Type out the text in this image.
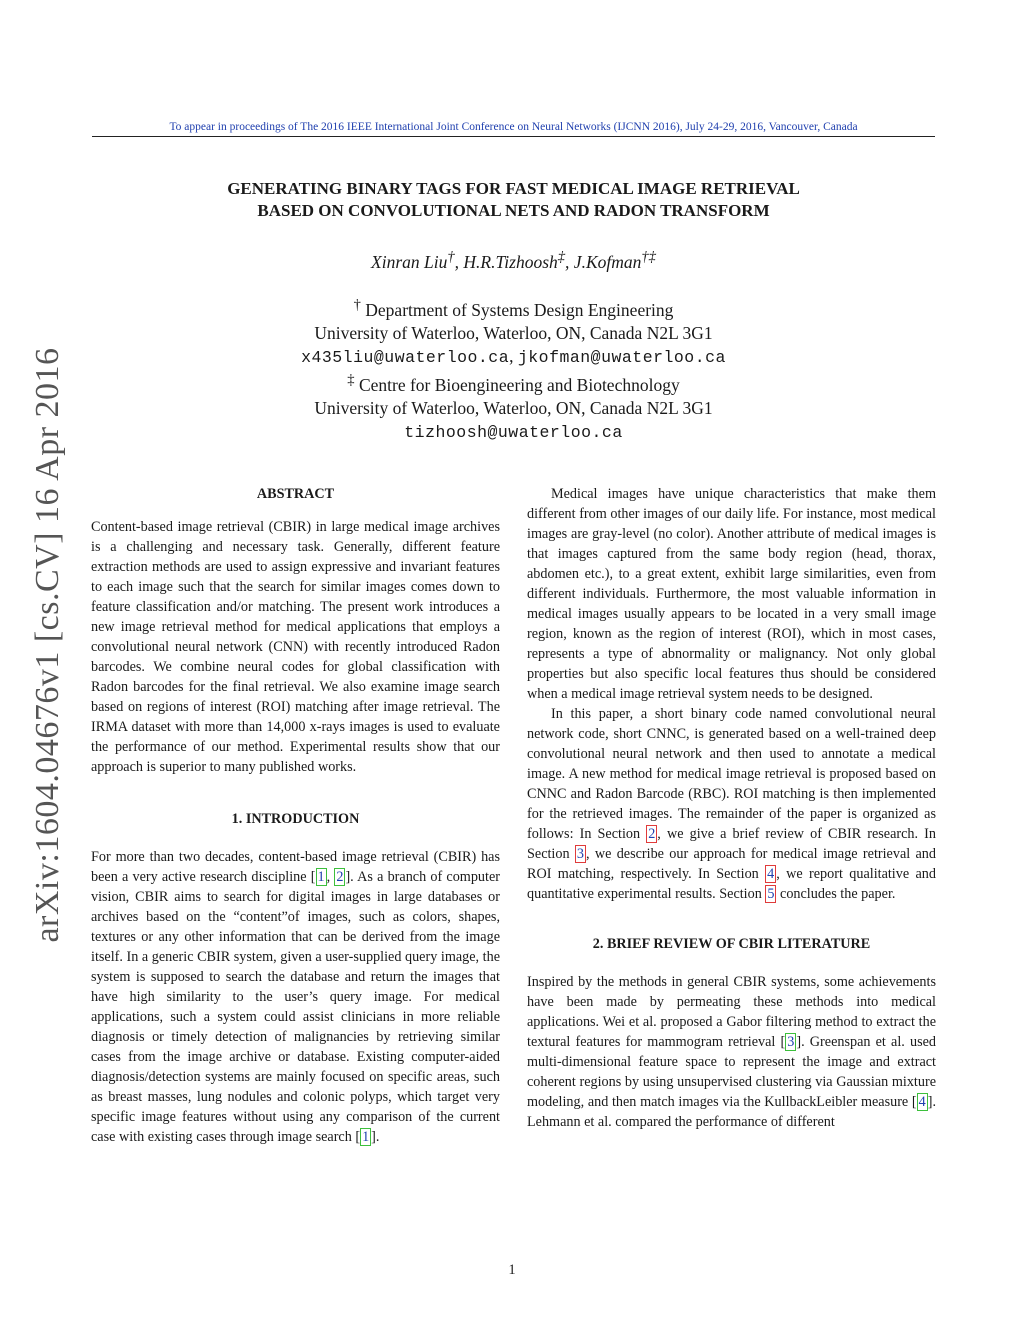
To appear in proceedings of The 2016 IEEE International Joint Conference on Neural Networks (IJCNN 2016), July 24-29, 2016, Vancouver, Canada
arXiv:1604.04676v1 [cs.CV] 16 Apr 2016
GENERATING BINARY TAGS FOR FAST MEDICAL IMAGE RETRIEVAL
BASED ON CONVOLUTIONAL NETS AND RADON TRANSFORM
Xinran Liu†, H.R.Tizhoosh‡, J.Kofman†‡
† Department of Systems Design Engineering
University of Waterloo, Waterloo, ON, Canada N2L 3G1
x435liu@uwaterloo.ca, jkofman@uwaterloo.ca
‡ Centre for Bioengineering and Biotechnology
University of Waterloo, Waterloo, ON, Canada N2L 3G1
tizhoosh@uwaterloo.ca
ABSTRACT

Content-based image retrieval (CBIR) in large medical image archives is a challenging and necessary task. Generally, different feature extraction methods are used to assign expressive and invariant features to each image such that the search for similar images comes down to feature classification and/or matching. The present work introduces a new image retrieval method for medical applications that employs a convolutional neural network (CNN) with recently introduced Radon barcodes. We combine neural codes for global classification with Radon barcodes for the final retrieval. We also examine image search based on regions of interest (ROI) matching after image retrieval. The IRMA dataset with more than 14,000 x-rays images is used to evaluate the performance of our method. Experimental results show that our approach is superior to many published works.

1. INTRODUCTION

For more than two decades, content-based image retrieval (CBIR) has been a very active research discipline [ 1 , 2 ]. As a branch of computer vision, CBIR aims to search for digital images in large databases or archives based on the “content”of images, such as colors, shapes, textures or any other information that can be derived from the image itself. In a generic CBIR system, given a user-supplied query image, the system is supposed to search the database and return the images that have high similarity to the user’s query image. For medical applications, such a system could assist clinicians in more reliable diagnosis or timely detection of malignancies by retrieving similar cases from the image archive or database. Existing computer-aided diagnosis/detection systems are mainly focused on specific areas, such as breast masses, lung nodules and colonic polyps, which target very specific image features without using any comparison of the current case with existing cases through image search [ 1 ].

Medical images have unique characteristics that make them different from other images of our daily life. For instance, most medical images are gray-level (no color). Another attribute of medical images is that images captured from the same body region (head, thorax, abdomen etc.), to a great extent, exhibit large similarities, even from different individuals. Furthermore, the most valuable information in medical images usually appears to be located in a very small image region, known as the region of interest (ROI), which in most cases, represents a type of abnormality or malignancy. Not only global properties but also specific local features thus should be considered when a medical image retrieval system needs to be designed.

In this paper, a short binary code named convolutional neural network code, short CNNC, is generated based on a well-trained deep convolutional neural network and then used to annotate a medical image. A new method for medical image retrieval is proposed based on CNNC and Radon Barcode (RBC). ROI matching is then implemented for the retrieved images. The remainder of the paper is organized as follows: In Section 2 , we give a brief review of CBIR research. In Section 3 , we describe our approach for medical image retrieval and ROI matching, respectively. In Section 4 , we report qualitative and quantitative experimental results. Section 5 concludes the paper.

2. BRIEF REVIEW OF CBIR LITERATURE

Inspired by the methods in general CBIR systems, some achievements have been made by permeating these methods into medical applications. Wei et al. proposed a Gabor filtering method to extract the textural features for mammogram retrieval [ 3 ]. Greenspan et al. used multi-dimensional feature space to represent the image and extract coherent regions by using unsupervised clustering via Gaussian mixture modeling, and then match images via the KullbackLeibler measure [ 4 ]. Lehmann et al. compared the performance of different

1
